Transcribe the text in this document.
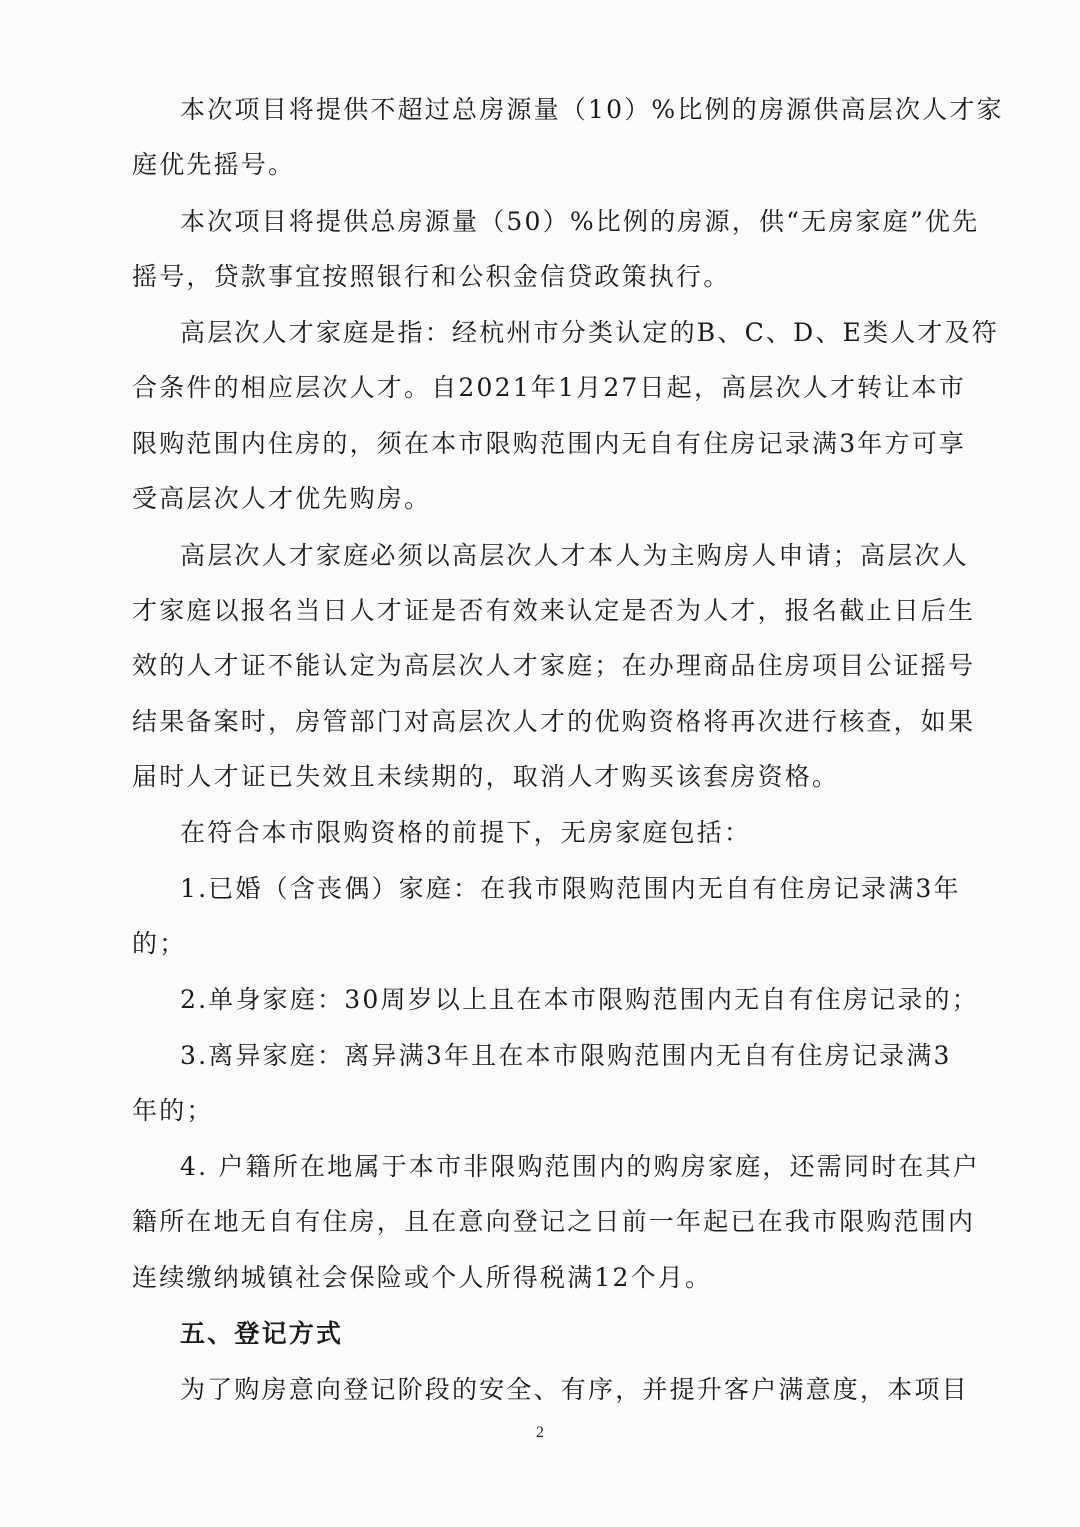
本次项目将提供不超过总房源量（10）%比例的房源供高层次人才家
庭优先摇号。
本次项目将提供总房源量（50）%比例的房源，供“无房家庭”优先
摇号，贷款事宜按照银行和公积金信贷政策执行。
高层次人才家庭是指：经杭州市分类认定的B、C、D、E类人才及符
合条件的相应层次人才。自2021年1月27日起，高层次人才转让本市
限购范围内住房的，须在本市限购范围内无自有住房记录满3年方可享
受高层次人才优先购房。
高层次人才家庭必须以高层次人才本人为主购房人申请；高层次人
才家庭以报名当日人才证是否有效来认定是否为人才，报名截止日后生
效的人才证不能认定为高层次人才家庭；在办理商品住房项目公证摇号
结果备案时，房管部门对高层次人才的优购资格将再次进行核查，如果
届时人才证已失效且未续期的，取消人才购买该套房资格。
在符合本市限购资格的前提下，无房家庭包括：
1.已婚（含丧偶）家庭：在我市限购范围内无自有住房记录满3年
的；
2.单身家庭：30周岁以上且在本市限购范围内无自有住房记录的；
3.离异家庭：离异满3年且在本市限购范围内无自有住房记录满3
年的；
4. 户籍所在地属于本市非限购范围内的购房家庭，还需同时在其户
籍所在地无自有住房，且在意向登记之日前一年起已在我市限购范围内
连续缴纳城镇社会保险或个人所得税满12个月。
五、登记方式
为了购房意向登记阶段的安全、有序，并提升客户满意度，本项目
2
